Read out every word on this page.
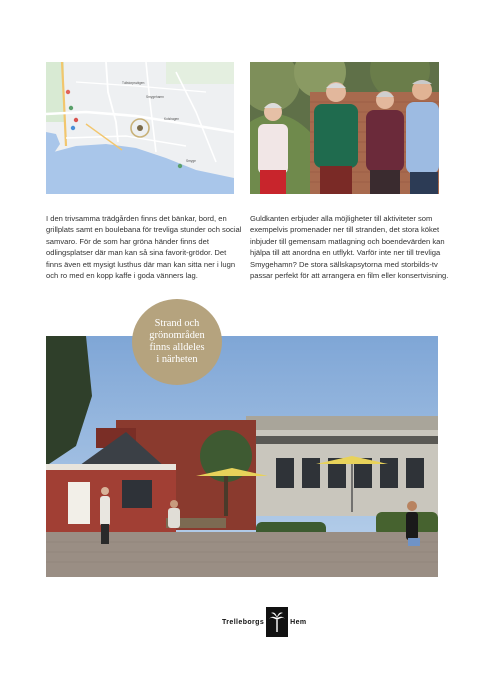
Tullstorpsvägen
Smygehamn
Kolshagen
Smyge

I den trivsamma trädgården finns det bänkar, bord, en grillplats samt en boulebana för trevliga stunder och social samvaro. För de som har gröna händer finns det odlingsplatser där man kan så sina favorit-grödor. Det finns även ett mysigt lusthus där man kan sitta ner i lugn och ro med en kopp kaffe i goda vänners lag.

Guldkanten erbjuder alla möjligheter till aktiviteter som exempelvis promenader ner till stranden, det stora köket inbjuder till gemensam matlagning och boendevärden kan hjälpa till att anordna en utflykt. Varför inte ner till trevliga Smygehamn? De stora sällskapsytorna med storbilds-tv passar perfekt för att arrangera en film eller konsertvisning.

Strand och
grönområden
finns alldeles
i närheten
Trelleborgs	Hem
